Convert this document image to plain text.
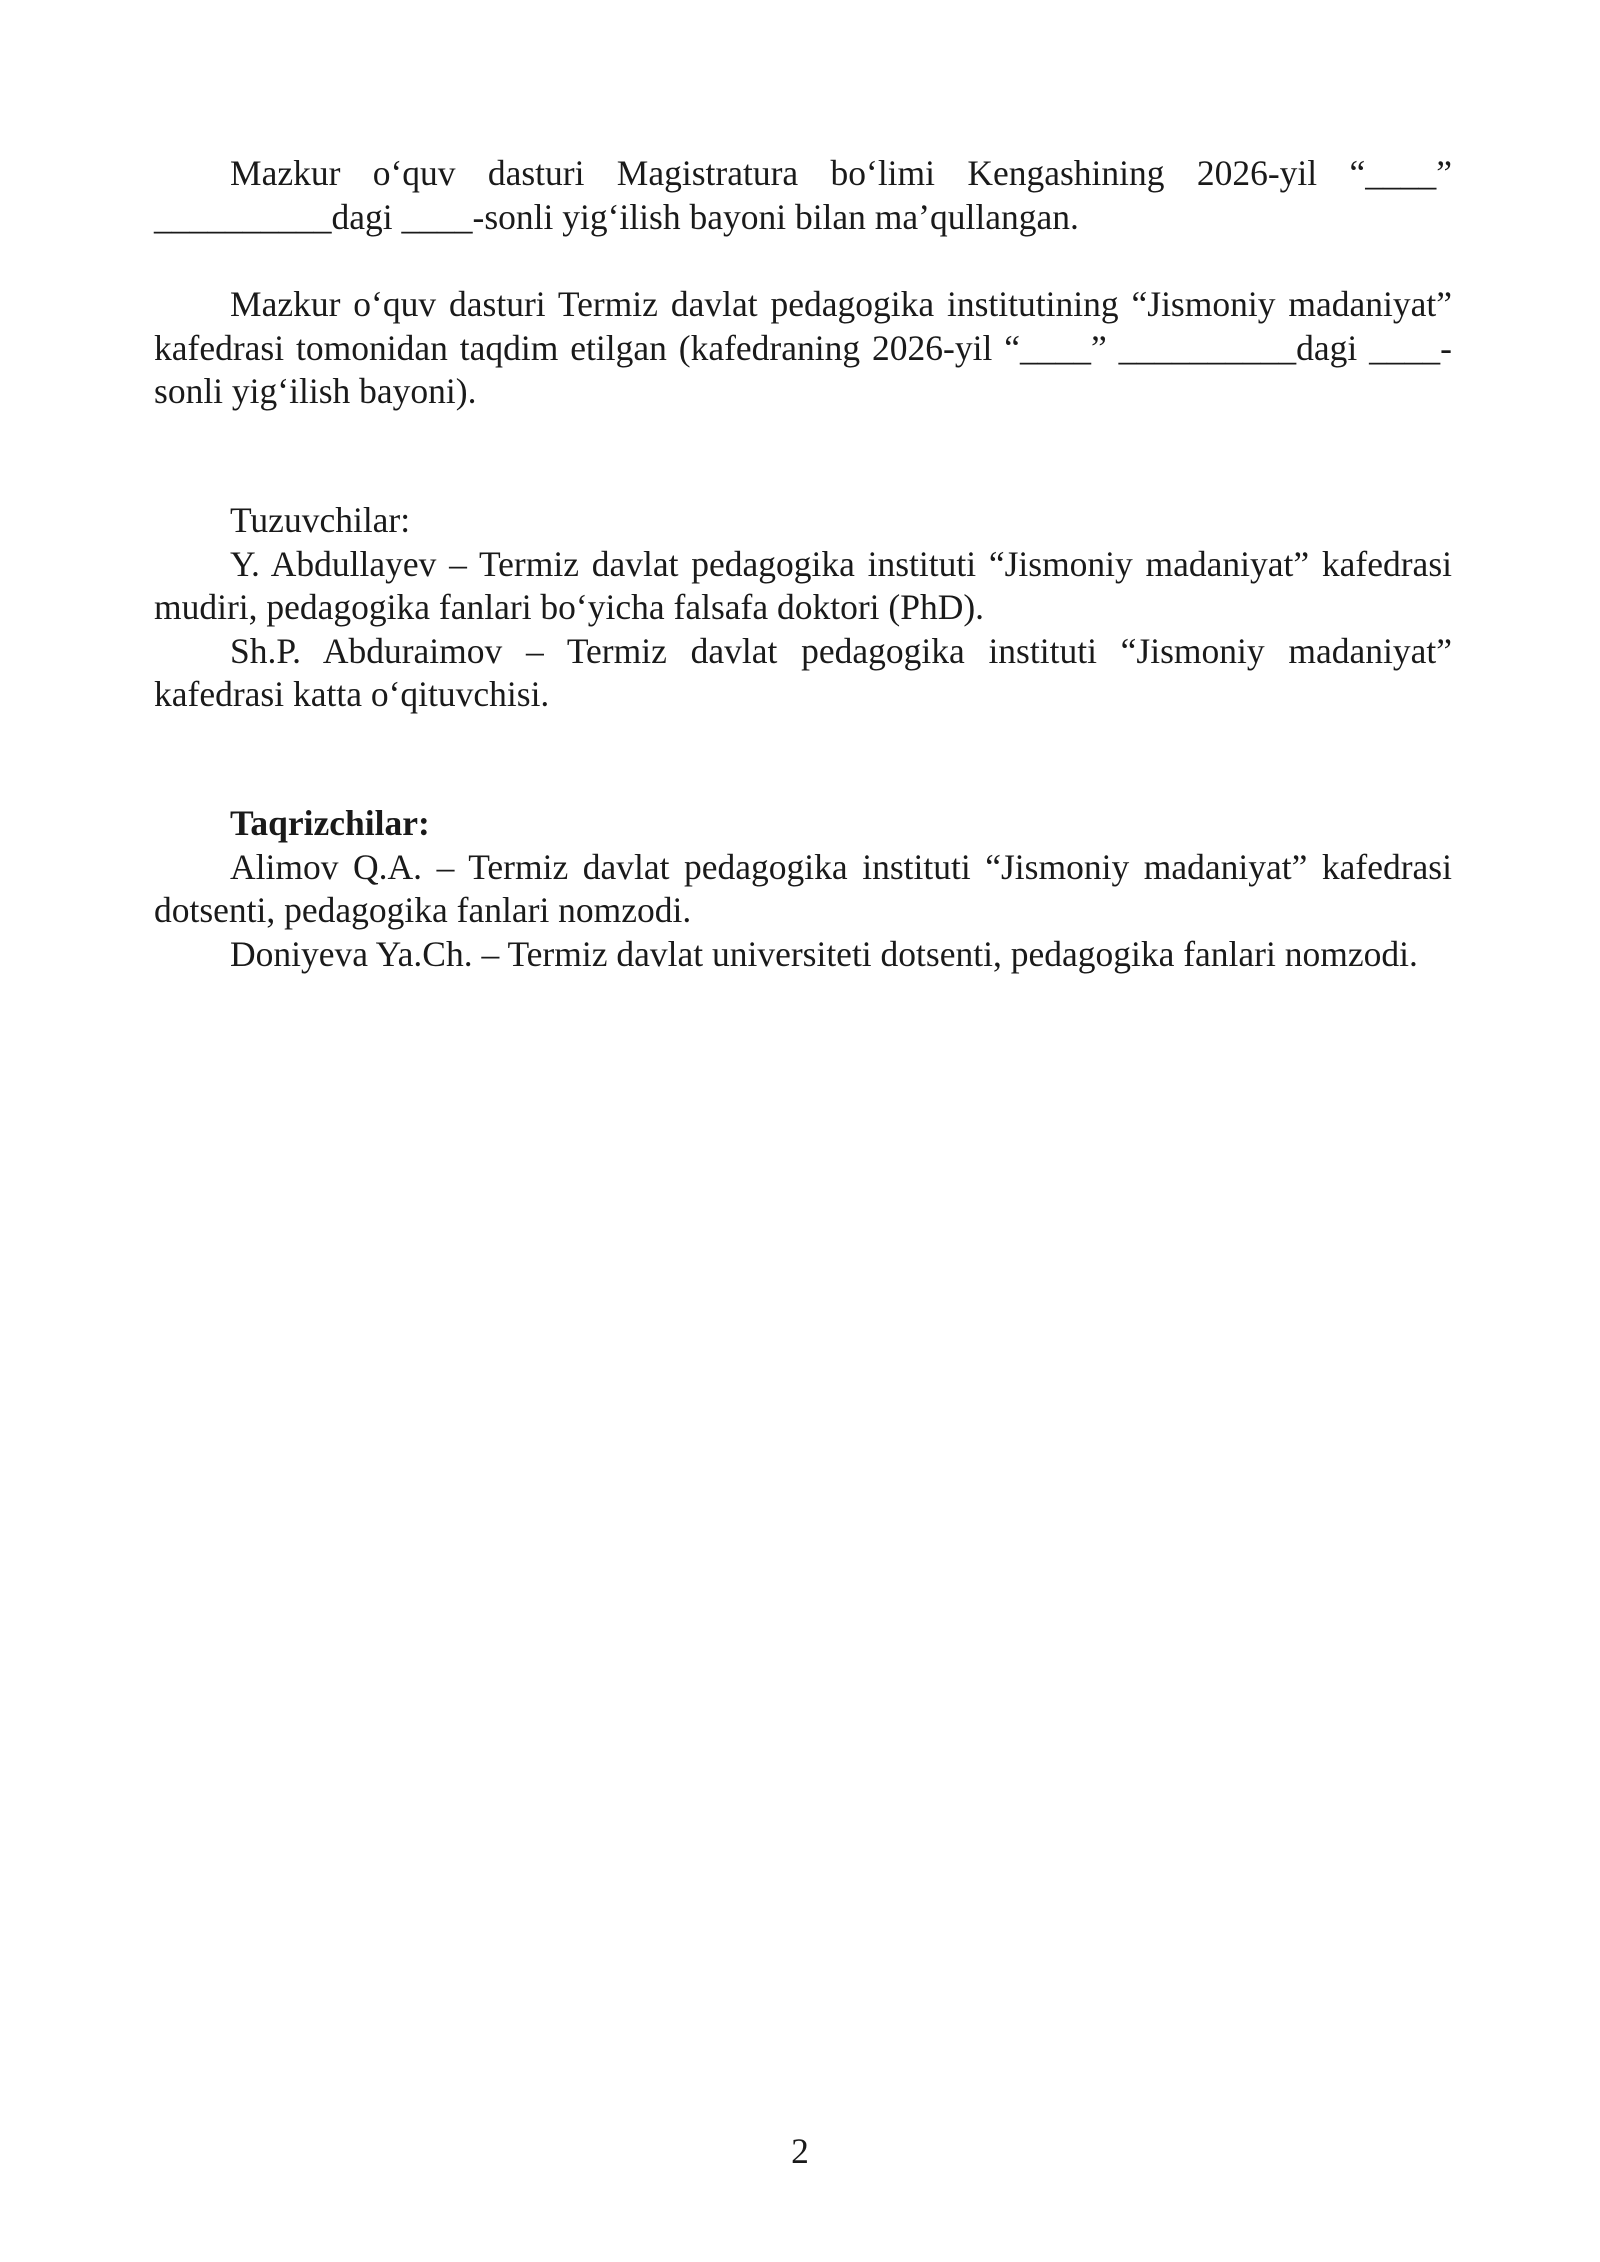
Mazkur o‘quv dasturi Magistratura bo‘limi Kengashining 2026-yil “____” __________dagi ____-sonli yig‘ilish bayoni bilan ma’qullangan.

Mazkur o‘quv dasturi Termiz davlat pedagogika institutining “Jismoniy madaniyat” kafedrasi tomonidan taqdim etilgan (kafedraning 2026-yil “____” __________dagi ____-sonli yig‘ilish bayoni).

Tuzuvchilar:

Y. Abdullayev – Termiz davlat pedagogika instituti “Jismoniy madaniyat” kafedrasi mudiri, pedagogika fanlari bo‘yicha falsafa doktori (PhD).

Sh.P. Abduraimov – Termiz davlat pedagogika instituti “Jismoniy madaniyat” kafedrasi katta o‘qituvchisi.

Taqrizchilar:

Alimov Q.A. – Termiz davlat pedagogika instituti “Jismoniy madaniyat” kafedrasi dotsenti, pedagogika fanlari nomzodi.

Doniyeva Ya.Ch. – Termiz davlat universiteti dotsenti, pedagogika fanlari nomzodi.

2
